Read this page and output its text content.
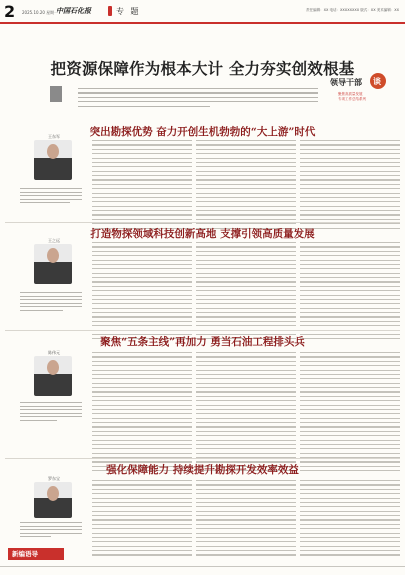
2 2025.10.20 星期一
中国石化报	专 题	责任编辑：XX 电话：XXXXXXXX 版式：XX 美术编辑：XX
把资源保障作为根本大计 全力夯实创效根基
领导干部 谈
聚焦高质量发展
专项工作总结系列
突出勘探优势 奋力开创生机勃勃的“大上游”时代
王东军
打造物探领域科技创新高地 支撑引领高质量发展
王之远
聚焦“五条主线”再加力 勇当石油工程排头兵
陈伟元
强化保障能力 持续提升勘探开发效率效益
罗东宝
新编语导
